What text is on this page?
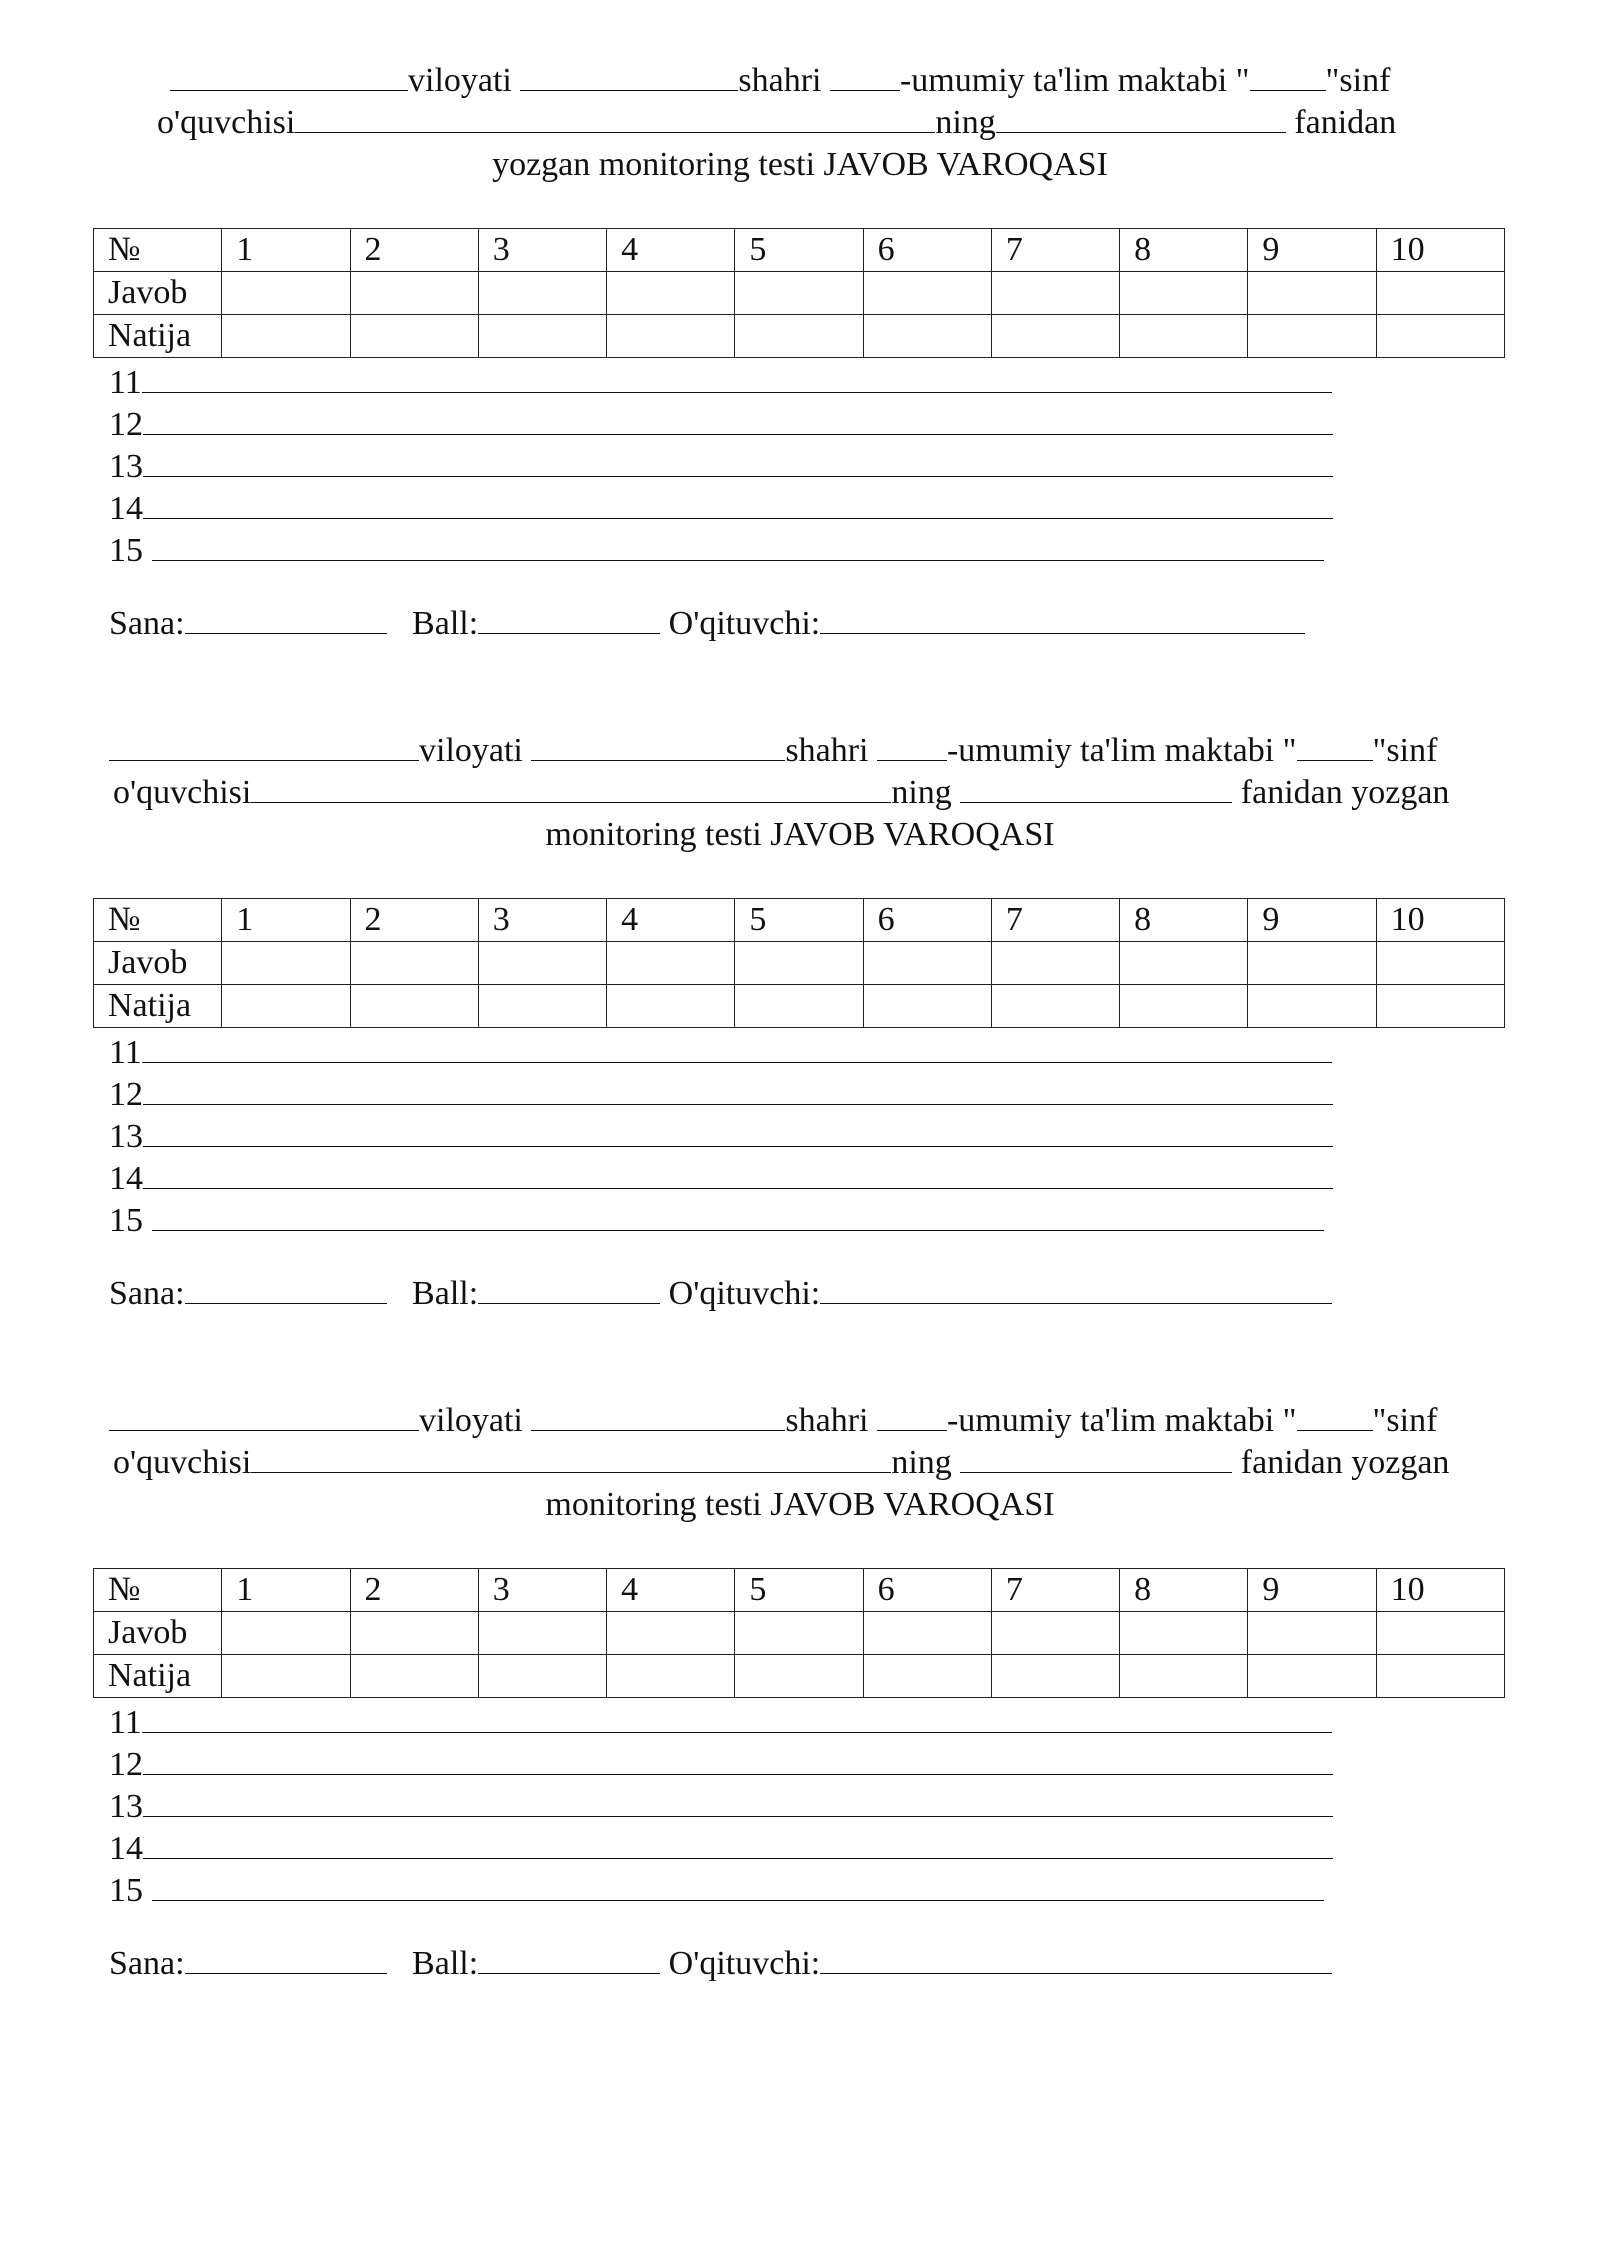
viloyati	shahri -umumiy ta'lim maktabi " "sinf
o'quvchisi	ning	fanidan
yozgan monitoring testi JAVOB VAROQASI
№	1	2	3	4	5	6	7	8	9	10
Javob										
Natija										
11
12
13
14
15
Sana:	Ball:	O'qituvchi:
viloyati	shahri -umumiy ta'lim maktabi " "sinf
o'quvchisi	ning	fanidan yozgan
monitoring testi JAVOB VAROQASI
№	1	2	3	4	5	6	7	8	9	10
Javob										
Natija										
11
12
13
14
15
Sana:	Ball:	O'qituvchi:
viloyati	shahri -umumiy ta'lim maktabi " "sinf
o'quvchisi	ning	fanidan yozgan
monitoring testi JAVOB VAROQASI
№	1	2	3	4	5	6	7	8	9	10
Javob										
Natija										
11
12
13
14
15
Sana:	Ball:	O'qituvchi:
